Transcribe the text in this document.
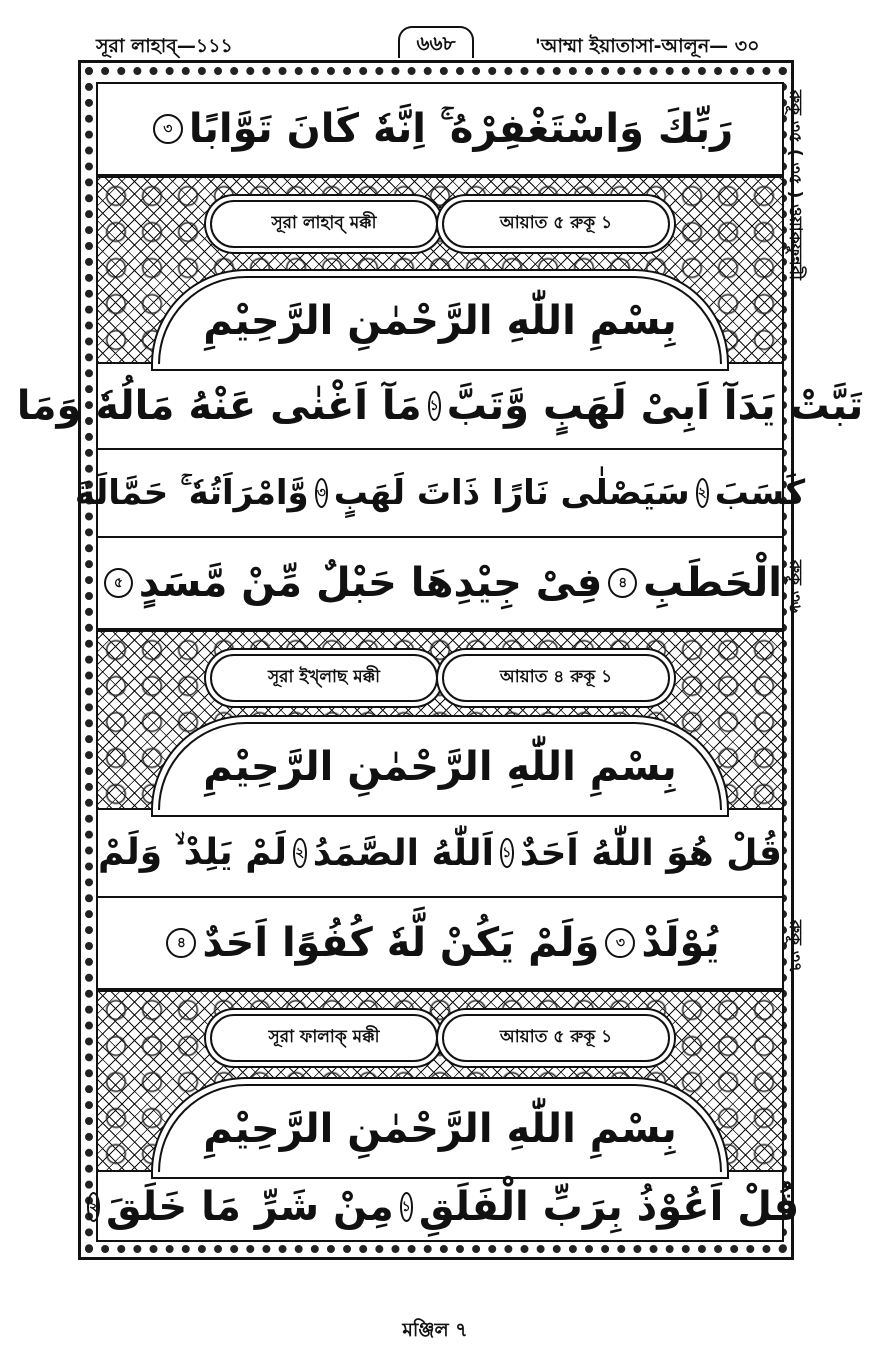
সূরা লাহাব্—১১১	৬৬৮	'আম্মা ইয়াতাসা-আলূন— ৩০
رَبِّكَ وَاسْتَغْفِرْهُ ۚ اِنَّهٗ كَانَ تَوَّابًا
৩
সূরা লাহাব্ মক্কী	আয়াত ৫ রুকূ ১
بِسْمِ اللّٰهِ الرَّحْمٰنِ الرَّحِيْمِ
تَبَّتْ يَدَآ اَبِىْ لَهَبٍ وَّتَبَّ
১
مَآ اَغْنٰى عَنْهُ مَالُهٗ وَمَا
كَسَبَ
২
سَيَصْلٰى نَارًا ذَاتَ لَهَبٍ
৩
وَّامْرَاَتُهٗ ۚ حَمَّالَةَ
الْحَطَبِ
৪
فِىْ جِيْدِهَا حَبْلٌ مِّنْ مَّسَدٍ
৫
সূরা ইখ্লাছ মক্কী	আয়াত ৪ রুকূ ১
بِسْمِ اللّٰهِ الرَّحْمٰنِ الرَّحِيْمِ
قُلْ هُوَ اللّٰهُ اَحَدٌ
১
اَللّٰهُ الصَّمَدُ
২
لَمْ يَلِدْ ۙ وَلَمْ
يُوْلَدْ
৩
وَلَمْ يَكُنْ لَّهٗ كُفُوًا اَحَدٌ
৪
সূরা ফালাক্ মক্কী	আয়াত ৫ রুকূ ১
بِسْمِ اللّٰهِ الرَّحْمٰنِ الرَّحِيْمِ
قُلْ اَعُوْذُ بِرَبِّ الْفَلَقِ
১
مِنْ شَرِّ مَا خَلَقَ
২
রুকূ ৩৫ ( ৩৫ ) ওয়াকফুন্নবী
রুকূ ৩৬
রুকূ ৩৭
মঞ্জিল ৭
